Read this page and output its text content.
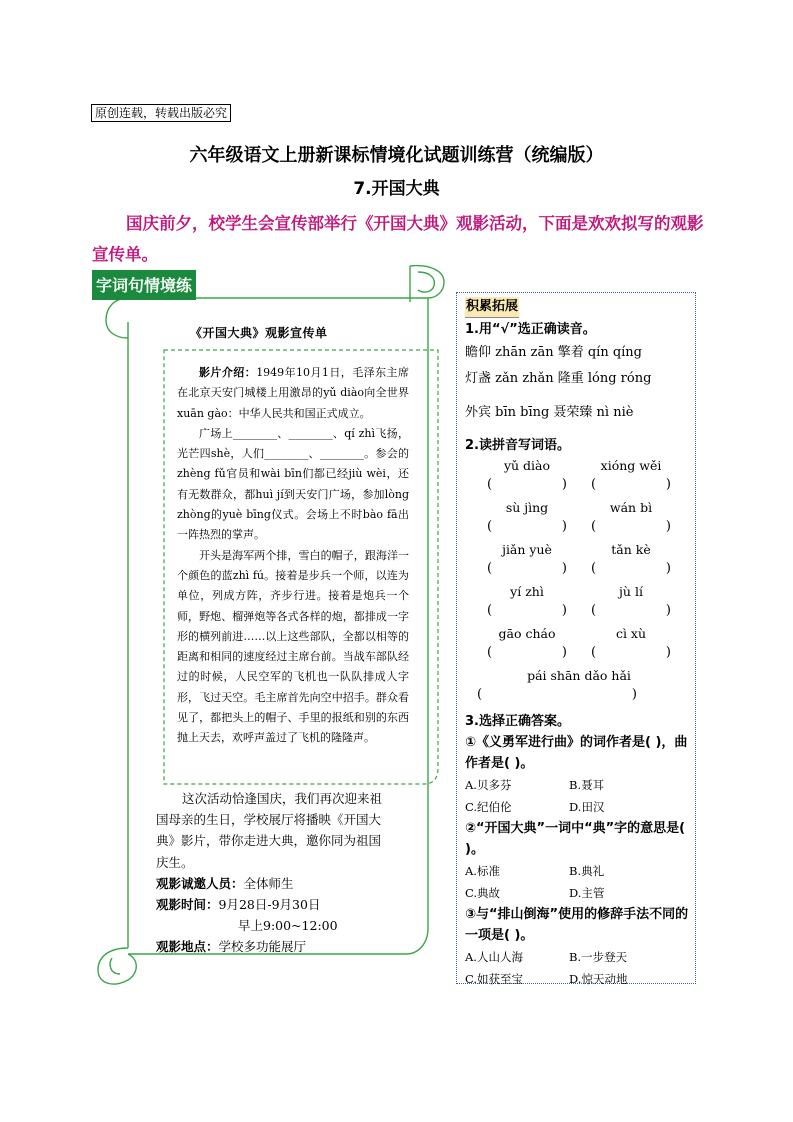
原创连载，转载出版必究
六年级语文上册新课标情境化试题训练营（统编版）
7.开国大典
国庆前夕，校学生会宣传部举行《开国大典》观影活动，下面是欢欢拟写的观影宣传单。
字词句情境练
《开国大典》观影宣传单

影片介绍：1949年10月1日，毛泽东主席在北京天安门城楼上用激昂的yǔ diào向全世界xuān gào：中华人民共和国正式成立。

广场上________、________、qí zhì飞扬，光芒四shè，人们________、________。参会的zhèng fǔ官员和wài bīn们都已经jiù wèi，还有无数群众，都huì jí到天安门广场，参加lòng zhòng的yuè bīng仪式。会场上不时bào fā出一阵热烈的掌声。

开头是海军两个排，雪白的帽子，跟海洋一个颜色的蓝zhì fú。接着是步兵一个师，以连为单位，列成方阵，齐步行进。接着是炮兵一个师，野炮、榴弹炮等各式各样的炮，都排成一字形的横列前进……以上这些部队，全都以相等的距离和相同的速度经过主席台前。当战车部队经过的时候，人民空军的飞机也一队队排成人字形，飞过天空。毛主席首先向空中招手。群众看见了，都把头上的帽子、手里的报纸和别的东西抛上天去，欢呼声盖过了飞机的隆隆声。

这次活动恰逢国庆，我们再次迎来祖国母亲的生日，学校展厅将播映《开国大典》影片，带你走进大典，邀你同为祖国庆生。

观影诚邀人员：全体师生

观影时间：9月28日-9月30日

早上9:00~12:00

观影地点：学校多功能展厅

积累拓展
1.用“√”选正确读音。
瞻仰 zhān zān 擎着 qín qíng
灯盏 zǎn zhǎn 隆重 lóng róng
外宾 bīn bīng 聂荣臻 nì niè
2.读拼音写词语。
yǔ diào	xióng wěi
(	) (	)
sù jìng	wán bì
(	) (	)
jiǎn yuè	tǎn kè
(	) (	)
yí zhì	jù lí
(	) (	)
gāo cháo	cì xù
(	) (	)
pái shān dǎo hǎi
(	)
3.选择正确答案。
①《义勇军进行曲》的词作者是( )，曲作者是( )。
A.贝多芬	B.聂耳
C.纪伯伦	D.田汉
②“开国大典”一词中“典”字的意思是( )。
A.标准	B.典礼
C.典故	D.主管
③与“排山倒海”使用的修辞手法不同的一项是( )。
A.人山人海	B.一步登天
C.如获至宝	D.惊天动地
